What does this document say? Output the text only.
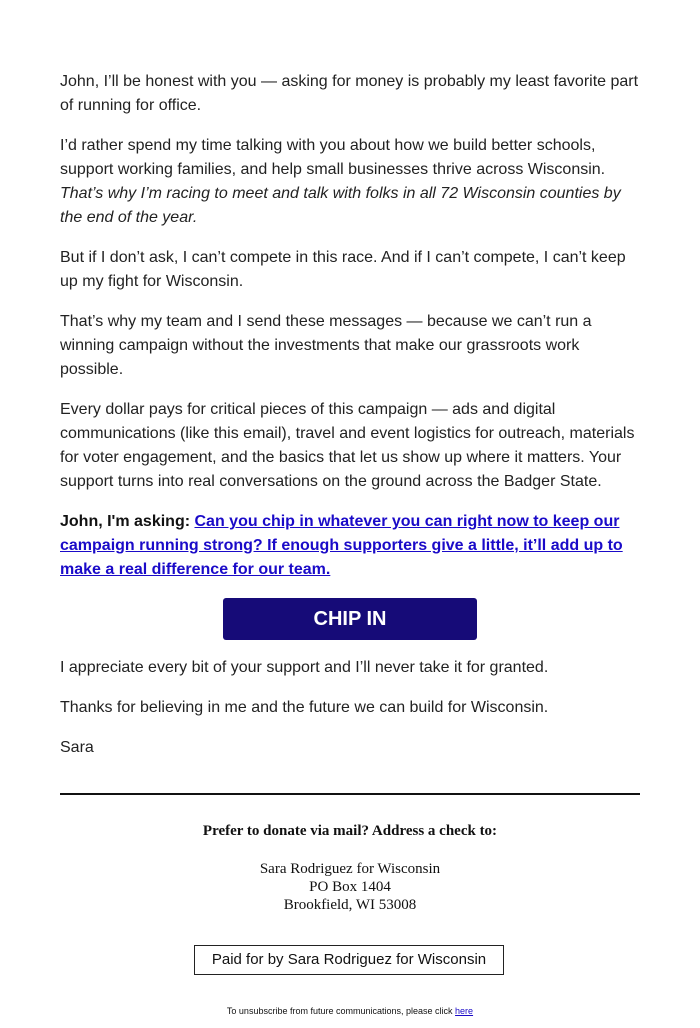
John, I’ll be honest with you — asking for money is probably my least favorite part of running for office.

I’d rather spend my time talking with you about how we build better schools, support working families, and help small businesses thrive across Wisconsin. That’s why I’m racing to meet and talk with folks in all 72 Wisconsin counties by the end of the year.

But if I don’t ask, I can’t compete in this race. And if I can’t compete, I can’t keep up my fight for Wisconsin.

That’s why my team and I send these messages — because we can’t run a winning campaign without the investments that make our grassroots work possible.

Every dollar pays for critical pieces of this campaign — ads and digital communications (like this email), travel and event logistics for outreach, materials for voter engagement, and the basics that let us show up where it matters. Your support turns into real conversations on the ground across the Badger State.

John, I'm asking: Can you chip in whatever you can right now to keep our campaign running strong? If enough supporters give a little, it’ll add up to make a real difference for our team.

CHIP IN

I appreciate every bit of your support and I’ll never take it for granted.

Thanks for believing in me and the future we can build for Wisconsin.

Sara

Prefer to donate via mail? Address a check to:
Sara Rodriguez for Wisconsin
PO Box 1404
Brookfield, WI 53008
Paid for by Sara Rodriguez for Wisconsin
To unsubscribe from future communications, please click here
